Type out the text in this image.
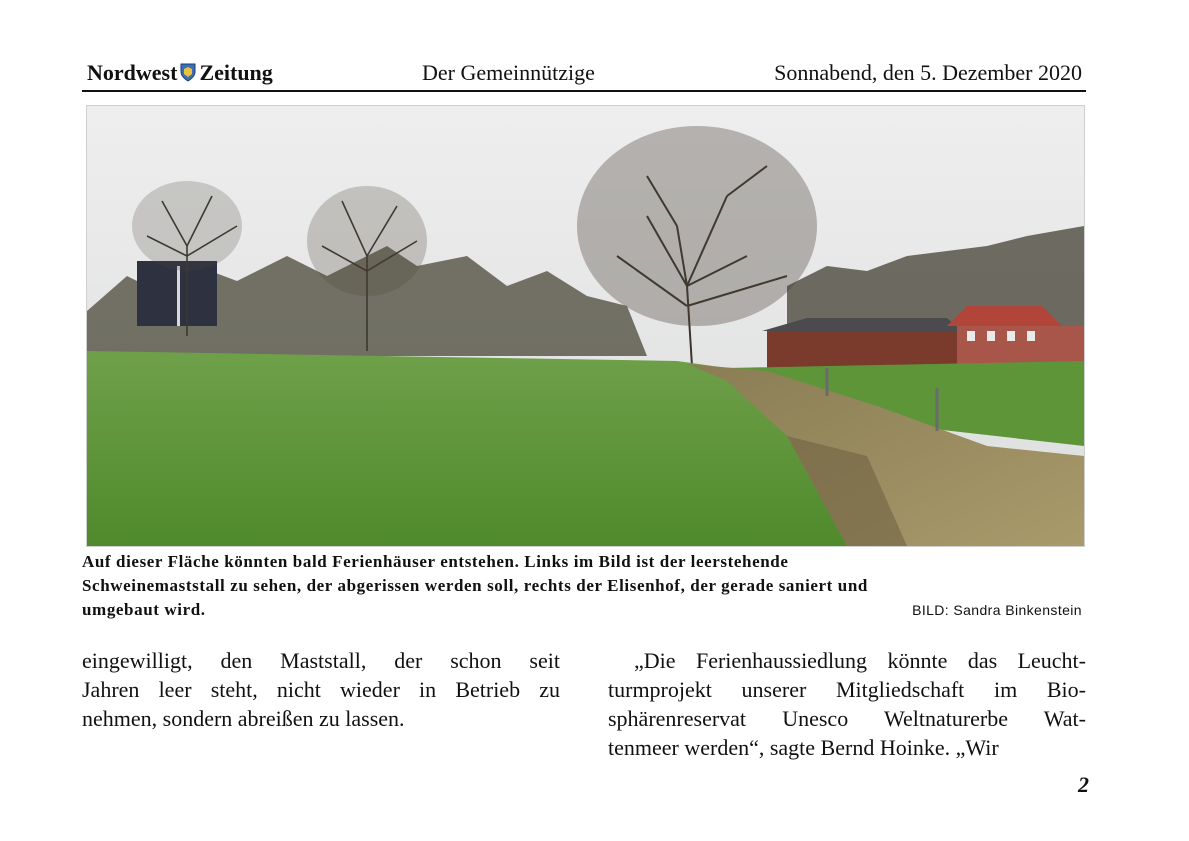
Nordwest Zeitung	Der Gemeinnützige	Sonnabend, den 5. Dezember 2020
Auf dieser Fläche könnten bald Ferienhäuser entstehen. Links im Bild ist der leerstehende
Schweinemaststall zu sehen, der abgerissen werden soll, rechts der Elisenhof, der gerade saniert und
umgebaut wird.	BILD: Sandra Binkenstein
eingewilligt, den Maststall, der schon seit
Jahren leer steht, nicht wieder in Betrieb zu
nehmen, sondern abreißen zu lassen.
„Die Ferienhaussiedlung könnte das Leucht-
turmprojekt unserer Mitgliedschaft im Bio-
sphärenreservat Unesco Weltnaturerbe Wat-
tenmeer werden“, sagte Bernd Hoinke. „Wir
2
